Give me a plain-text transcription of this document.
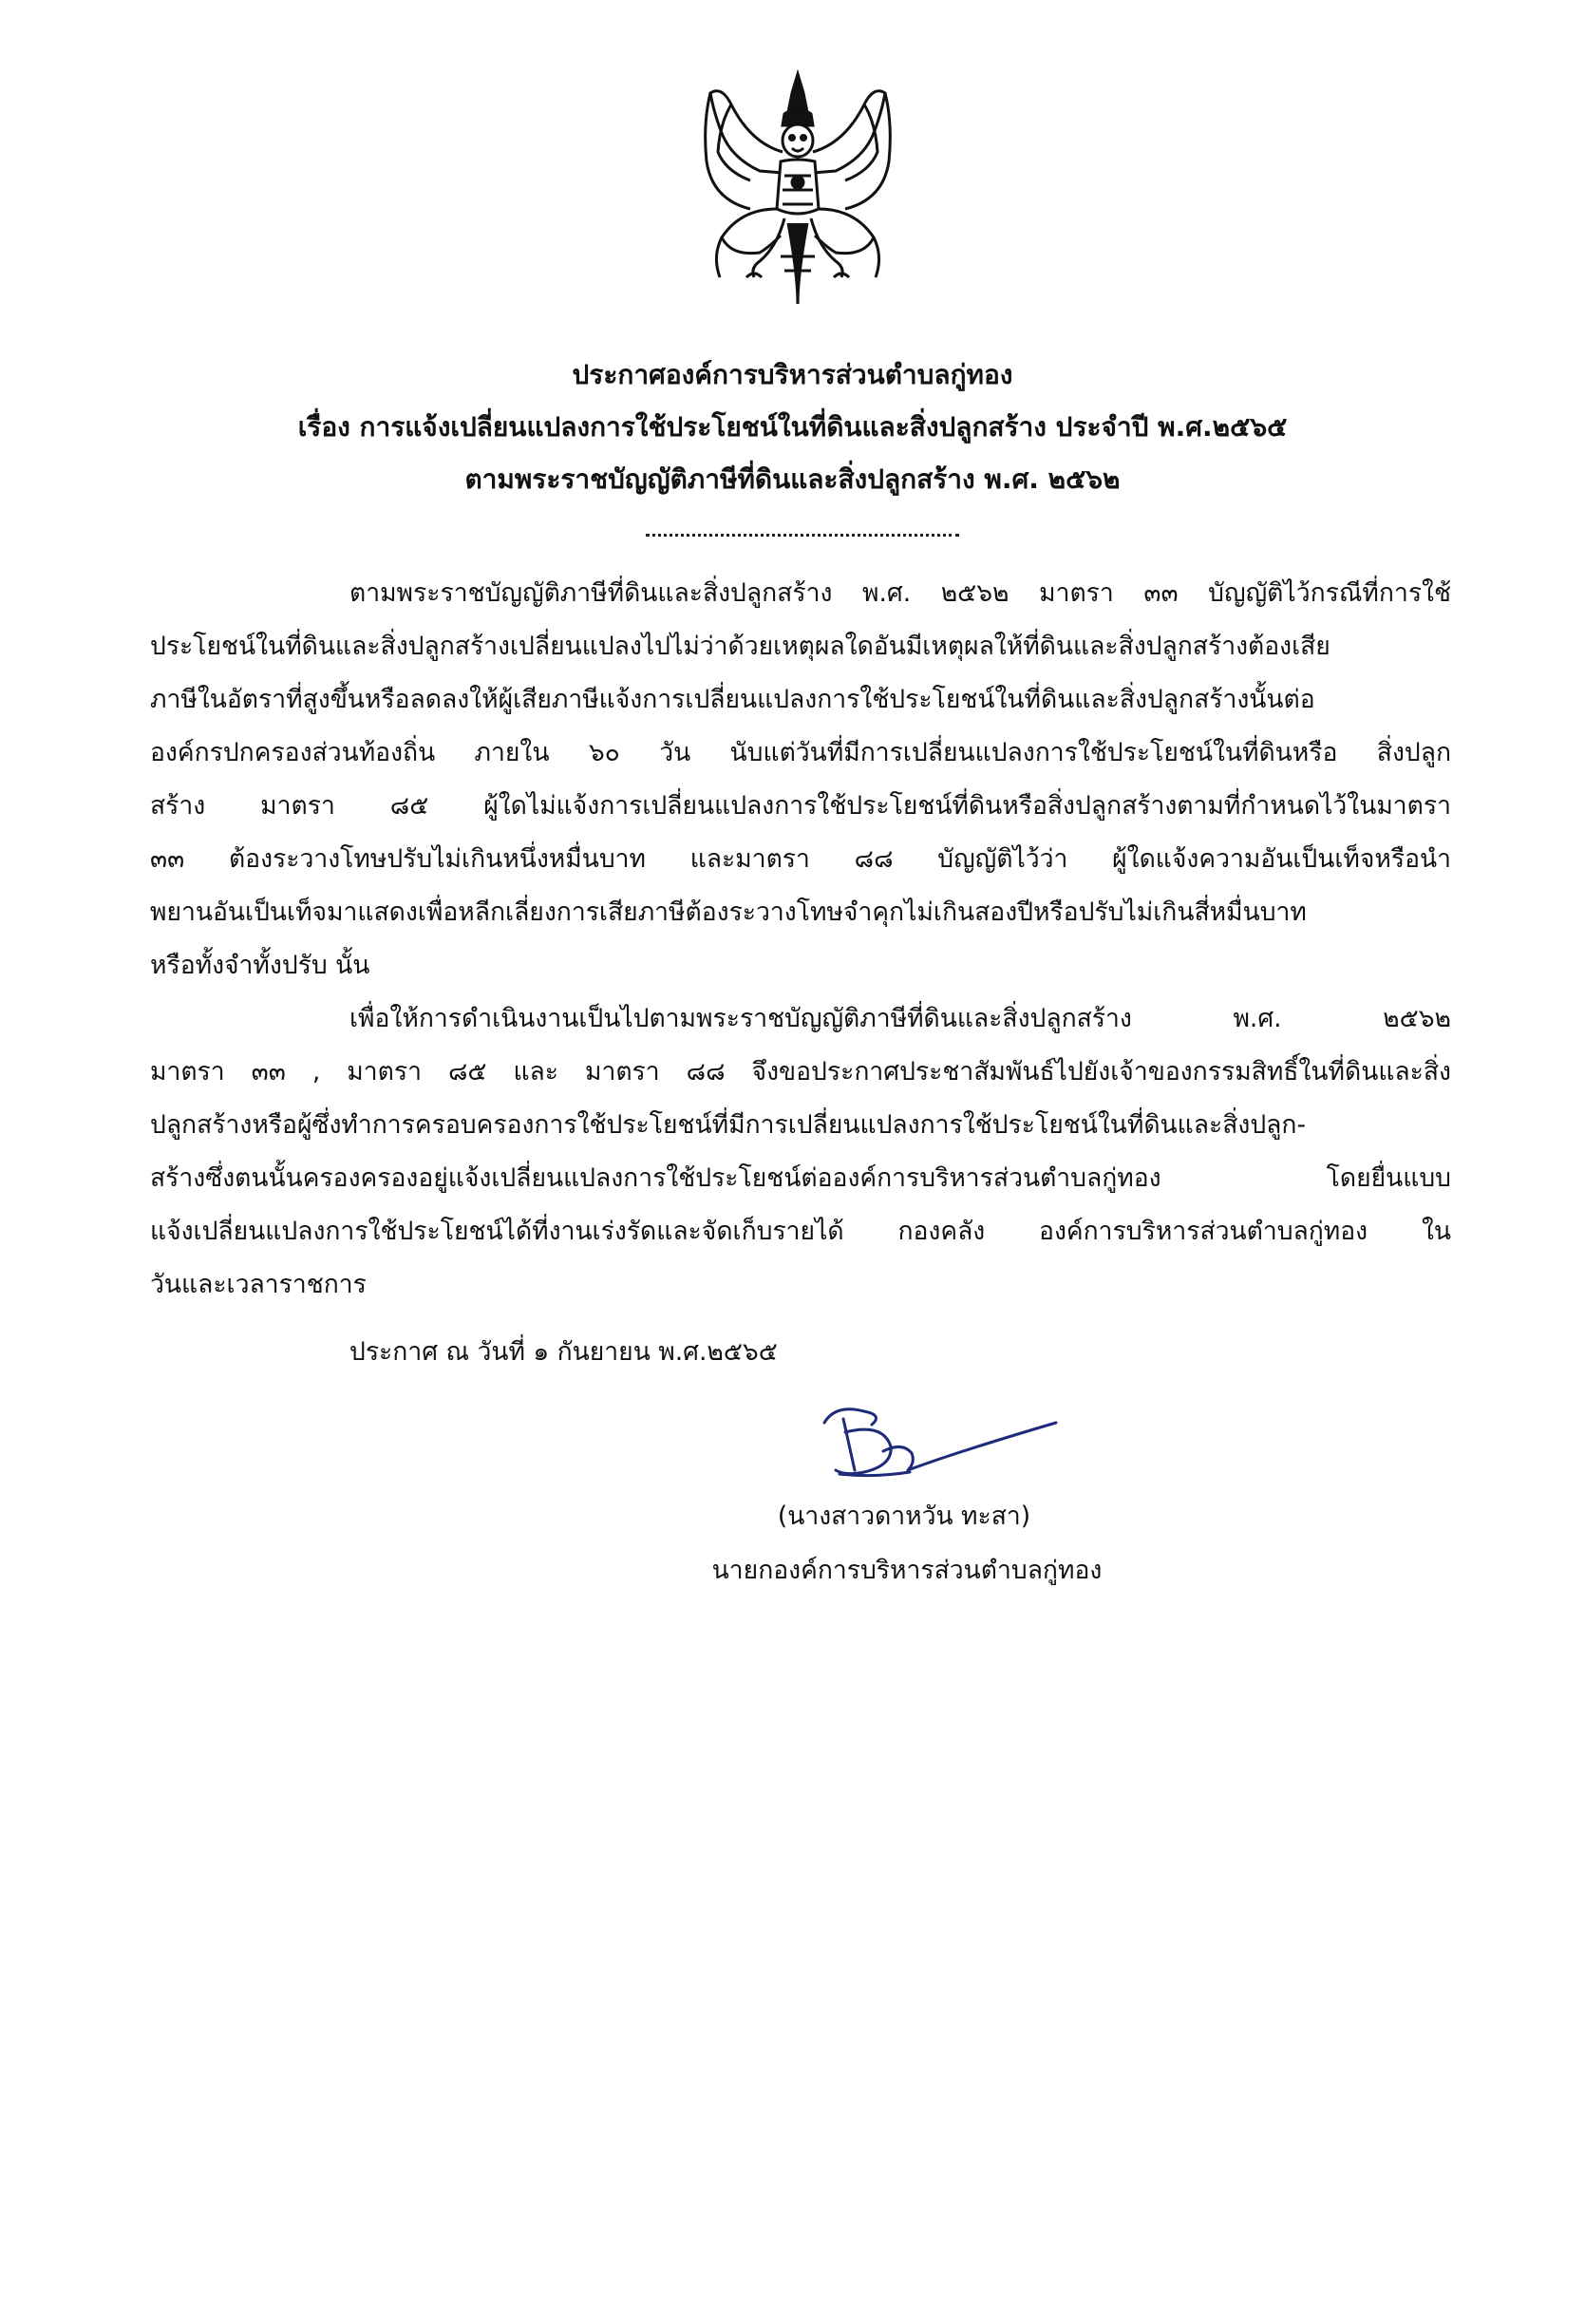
ประกาศองค์การบริหารส่วนตำบลกู่ทอง
เรื่อง การแจ้งเปลี่ยนแปลงการใช้ประโยชน์ในที่ดินและสิ่งปลูกสร้าง ประจำปี พ.ศ.๒๕๖๕
ตามพระราชบัญญัติภาษีที่ดินและสิ่งปลูกสร้าง พ.ศ. ๒๕๖๒
ตามพระราชบัญญัติภาษีที่ดินและสิ่งปลูกสร้าง พ.ศ. ๒๕๖๒ มาตรา ๓๓ บัญญัติไว้กรณีที่การใช้
ประโยชน์ในที่ดินและสิ่งปลูกสร้างเปลี่ยนแปลงไปไม่ว่าด้วยเหตุผลใดอันมีเหตุผลให้ที่ดินและสิ่งปลูกสร้างต้องเสีย
ภาษีในอัตราที่สูงขึ้นหรือลดลงให้ผู้เสียภาษีแจ้งการเปลี่ยนแปลงการใช้ประโยชน์ในที่ดินและสิ่งปลูกสร้างนั้นต่อ
องค์กรปกครองส่วนท้องถิ่น ภายใน ๖๐ วัน นับแต่วันที่มีการเปลี่ยนแปลงการใช้ประโยชน์ในที่ดินหรือ สิ่งปลูก
สร้าง มาตรา ๘๕ ผู้ใดไม่แจ้งการเปลี่ยนแปลงการใช้ประโยชน์ที่ดินหรือสิ่งปลูกสร้างตามที่กำหนดไว้ในมาตรา
๓๓ ต้องระวางโทษปรับไม่เกินหนึ่งหมื่นบาท และมาตรา ๘๘ บัญญัติไว้ว่า ผู้ใดแจ้งความอันเป็นเท็จหรือนำ
พยานอันเป็นเท็จมาแสดงเพื่อหลีกเลี่ยงการเสียภาษีต้องระวางโทษจำคุกไม่เกินสองปีหรือปรับไม่เกินสี่หมื่นบาท
หรือทั้งจำทั้งปรับ นั้น
เพื่อให้การดำเนินงานเป็นไปตามพระราชบัญญัติภาษีที่ดินและสิ่งปลูกสร้าง พ.ศ. ๒๕๖๒
มาตรา ๓๓ , มาตรา ๘๕ และ มาตรา ๘๘ จึงขอประกาศประชาสัมพันธ์ไปยังเจ้าของกรรมสิทธิ์ในที่ดินและสิ่ง
ปลูกสร้างหรือผู้ซึ่งทำการครอบครองการใช้ประโยชน์ที่มีการเปลี่ยนแปลงการใช้ประโยชน์ในที่ดินและสิ่งปลูก-
สร้างซึ่งตนนั้นครองครองอยู่แจ้งเปลี่ยนแปลงการใช้ประโยชน์ต่อองค์การบริหารส่วนตำบลกู่ทอง โดยยื่นแบบ
แจ้งเปลี่ยนแปลงการใช้ประโยชน์ได้ที่งานเร่งรัดและจัดเก็บรายได้ กองคลัง องค์การบริหารส่วนตำบลกู่ทอง ใน
วันและเวลาราชการ
ประกาศ ณ วันที่ ๑ กันยายน พ.ศ.๒๕๖๕
(นางสาวดาหวัน ทะสา)
นายกองค์การบริหารส่วนตำบลกู่ทอง
